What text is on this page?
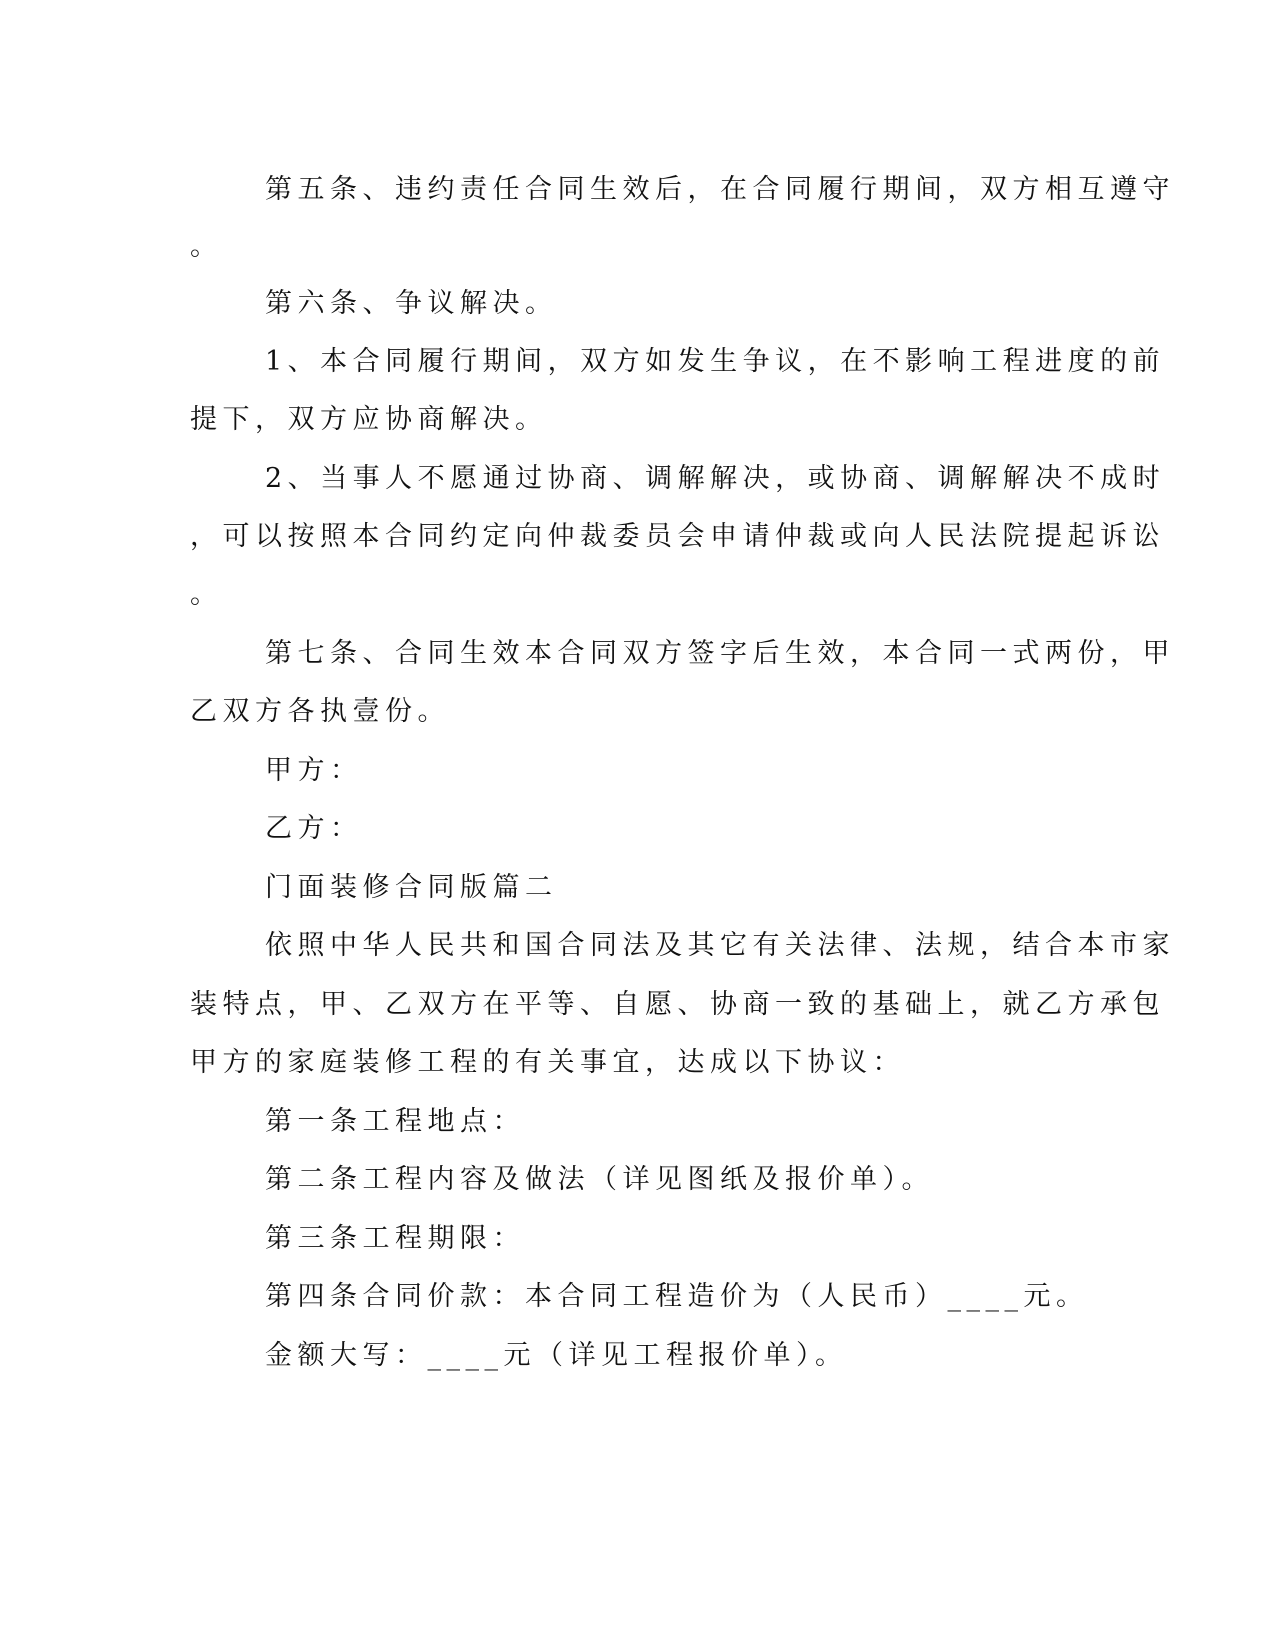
第五条、违约责任合同生效后，在合同履行期间，双方相互遵守
。
第六条、争议解决。
1、本合同履行期间，双方如发生争议，在不影响工程进度的前
提下，双方应协商解决。
2、当事人不愿通过协商、调解解决，或协商、调解解决不成时
，可以按照本合同约定向仲裁委员会申请仲裁或向人民法院提起诉讼
。
第七条、合同生效本合同双方签字后生效，本合同一式两份，甲
乙双方各执壹份。
甲方：
乙方：
门面装修合同版篇二
依照中华人民共和国合同法及其它有关法律、法规，结合本市家
装特点，甲、乙双方在平等、自愿、协商一致的基础上，就乙方承包
甲方的家庭装修工程的有关事宜，达成以下协议：
第一条工程地点：
第二条工程内容及做法（详见图纸及报价单）。
第三条工程期限：
第四条合同价款：本合同工程造价为（人民币）____元。
金额大写：____元（详见工程报价单）。
